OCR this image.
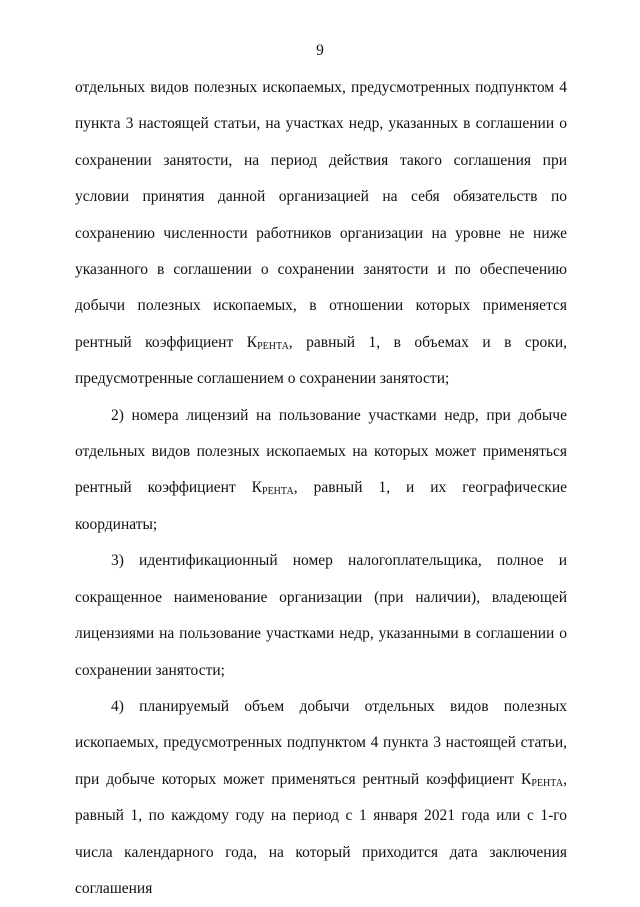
9

отдельных видов полезных ископаемых, предусмотренных подпунктом 4 пункта 3 настоящей статьи, на участках недр, указанных в соглашении о сохранении занятости, на период действия такого соглашения при условии принятия данной организацией на себя обязательств по сохранению численности работников организации на уровне не ниже указанного в соглашении о сохранении занятости и по обеспечению добычи полезных ископаемых, в отношении которых применяется рентный коэффициент $К_{РЕНТА}$, равный 1, в объемах и в сроки, предусмотренные соглашением о сохранении занятости;

2) номера лицензий на пользование участками недр, при добыче отдельных видов полезных ископаемых на которых может применяться рентный коэффициент $К_{РЕНТА}$, равный 1, и их географические координаты;

3) идентификационный номер налогоплательщика, полное и сокращенное наименование организации (при наличии), владеющей лицензиями на пользование участками недр, указанными в соглашении о сохранении занятости;

4) планируемый объем добычи отдельных видов полезных ископаемых, предусмотренных подпунктом 4 пункта 3 настоящей статьи, при добыче которых может применяться рентный коэффициент $К_{РЕНТА}$, равный 1, по каждому году на период с 1 января 2021 года или с 1-го числа календарного года, на который приходится дата заключения соглашения
